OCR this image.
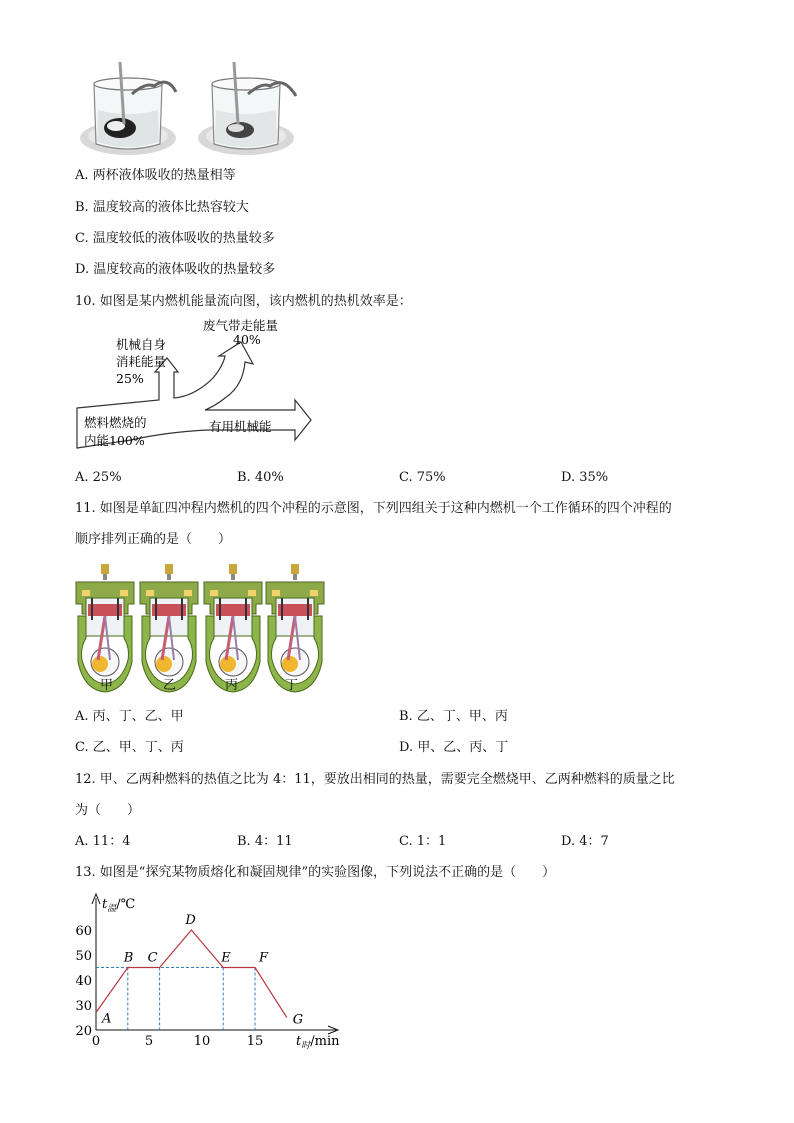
A. 两杯液体吸收的热量相等
B. 温度较高的液体比热容较大
C. 温度较低的液体吸收的热量较多
D. 温度较高的液体吸收的热量较多
10. 如图是某内燃机能量流向图，该内燃机的热机效率是：
废气带走能量
40%
机械自身
消耗能量
25%
燃料燃烧的
内能100%
有用机械能
A. 25%	B. 40%	C. 75%	D. 35%
11. 如图是单缸四冲程内燃机的四个冲程的示意图，下列四组关于这种内燃机一个工作循环的四个冲程的
顺序排列正确的是（　　）
甲	乙	丙	丁
A. 丙、丁、乙、甲	B. 乙、丁、甲、丙
C. 乙、甲、丁、丙	D. 甲、乙、丙、丁
12. 甲、乙两种燃料的热值之比为 4：11，要放出相同的热量，需要完全燃烧甲、乙两种燃料的质量之比
为（　　）
A. 11：4	B. 4：11	C. 1：1	D. 4：7
13. 如图是“探究某物质熔化和凝固规律”的实验图像，下列说法不正确的是（　　）
$t_温/℃$
$t_时/\min$
20
30
40
50
60
0	5	10	15
A
B C
D
E F
G
